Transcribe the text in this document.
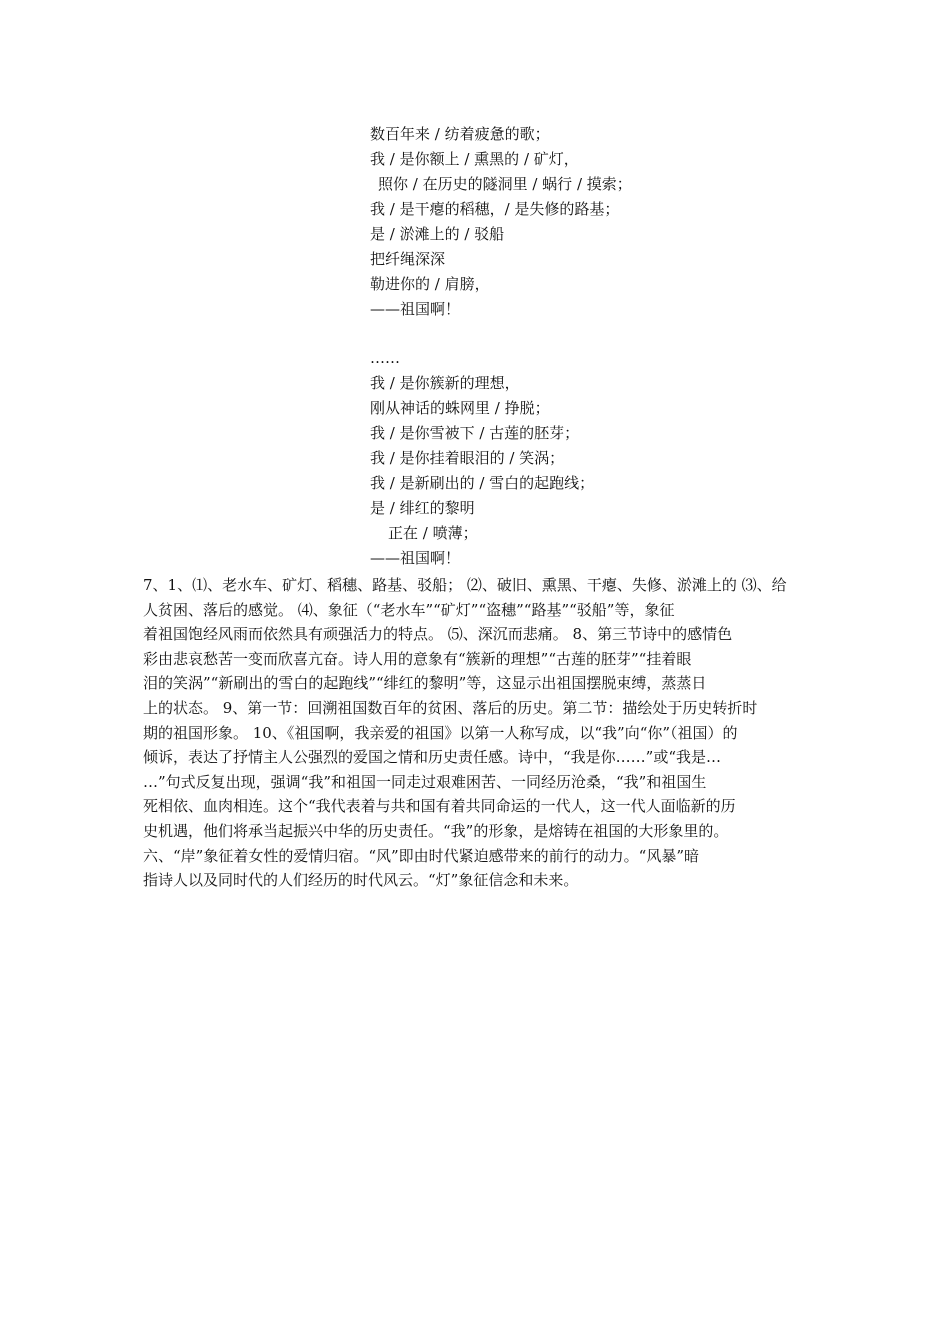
数百年来 / 纺着疲惫的歌；
我 / 是你额上 / 熏黑的 / 矿灯，
照你 / 在历史的隧洞里 / 蜗行 / 摸索；
我 / 是干瘪的稻穗，/ 是失修的路基；
是 / 淤滩上的 / 驳船
把纤绳深深
勒进你的 / 肩膀，
——祖国啊！
……
我 / 是你簇新的理想，
刚从神话的蛛网里 / 挣脱；
我 / 是你雪被下 / 古莲的胚芽；
我 / 是你挂着眼泪的 / 笑涡；
我 / 是新刷出的 / 雪白的起跑线；
是 / 绯红的黎明
正在 / 喷薄；
——祖国啊！
7、1、⑴、老水车、矿灯、稻穗、路基、驳船； ⑵、破旧、熏黑、干瘪、失修、淤滩上的 ⑶、给
人贫困、落后的感觉。 ⑷、象征（“老水车”“矿灯”“盗穗”“路基”“驳船”等，象征
着祖国饱经风雨而依然具有顽强活力的特点。 ⑸、深沉而悲痛。 8、第三节诗中的感情色
彩由悲哀愁苦一变而欣喜亢奋。诗人用的意象有“簇新的理想”“古莲的胚芽”“挂着眼
泪的笑涡”“新刷出的雪白的起跑线”“绯红的黎明”等，这显示出祖国摆脱束缚，蒸蒸日
上的状态。 9、第一节：回溯祖国数百年的贫困、落后的历史。第二节：描绘处于历史转折时
期的祖国形象。 10、《祖国啊，我亲爱的祖国》以第一人称写成，以“我”向“你”（祖国）的
倾诉，表达了抒情主人公强烈的爱国之情和历史责任感。诗中，“我是你……”或“我是…
…”句式反复出现，强调“我”和祖国一同走过艰难困苦、一同经历沧桑，“我”和祖国生
死相依、血肉相连。这个“我代表着与共和国有着共同命运的一代人，这一代人面临新的历
史机遇，他们将承当起振兴中华的历史责任。“我”的形象，是熔铸在祖国的大形象里的。
六、“岸”象征着女性的爱情归宿。“风”即由时代紧迫感带来的前行的动力。“风暴”暗
指诗人以及同时代的人们经历的时代风云。“灯”象征信念和未来。
